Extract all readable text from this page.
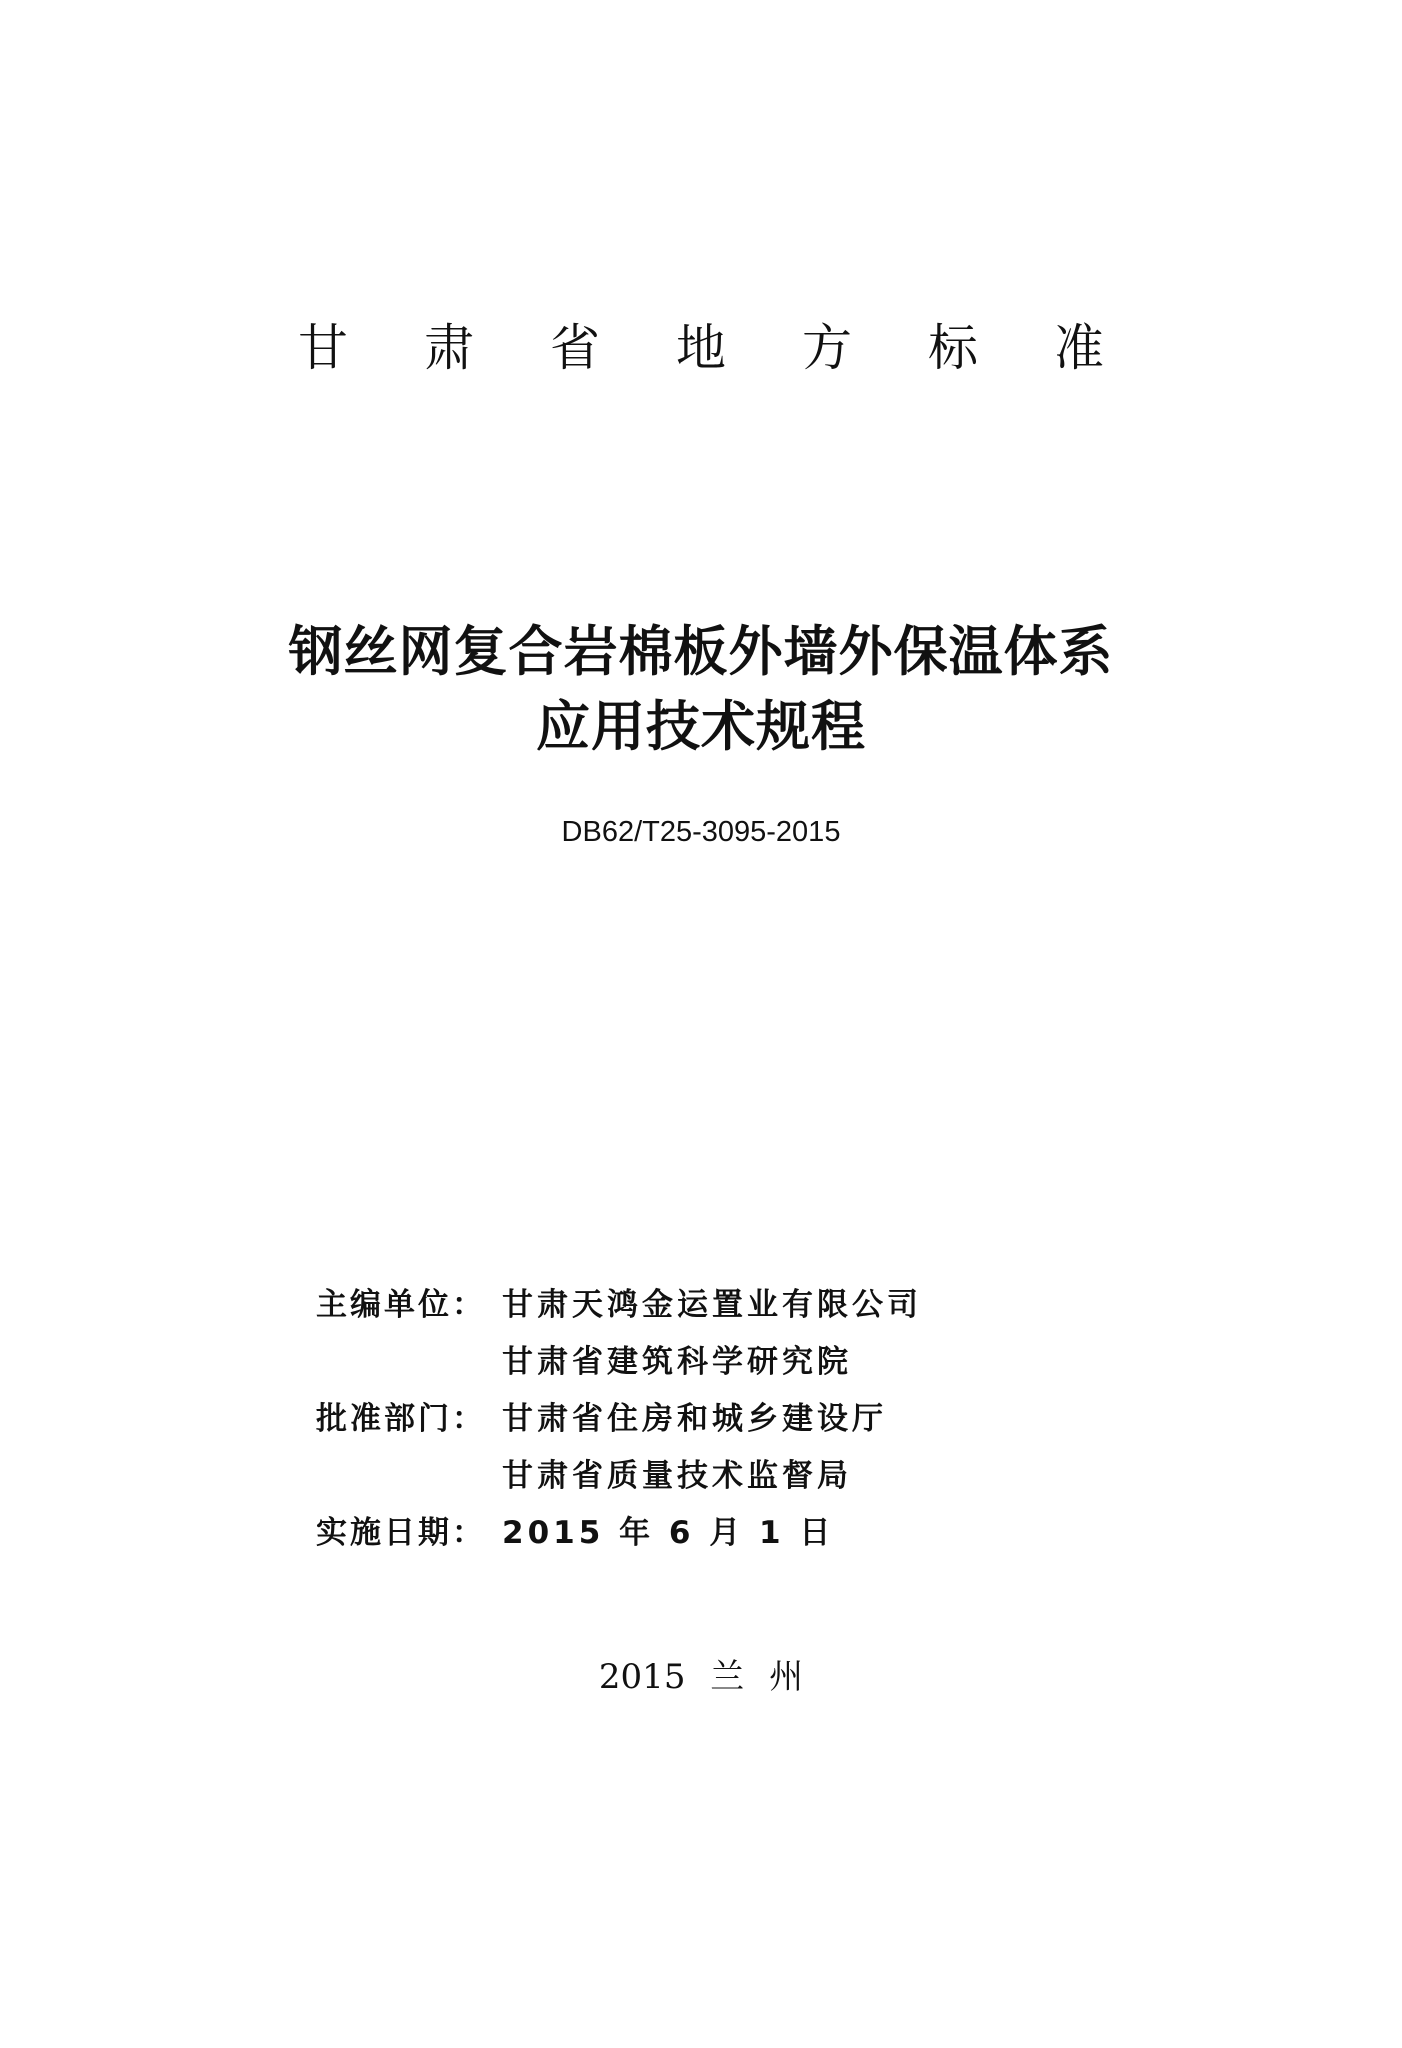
甘	肃	省	地	方	标	准
钢丝网复合岩棉板外墙外保温体系
应用技术规程
DB62/T25-3095-2015
主编单位： 甘肃天鸿金运置业有限公司
甘肃省建筑科学研究院
批准部门： 甘肃省住房和城乡建设厅
甘肃省质量技术监督局
实施日期： 2015 年 6 月 1 日
2015 兰 州
